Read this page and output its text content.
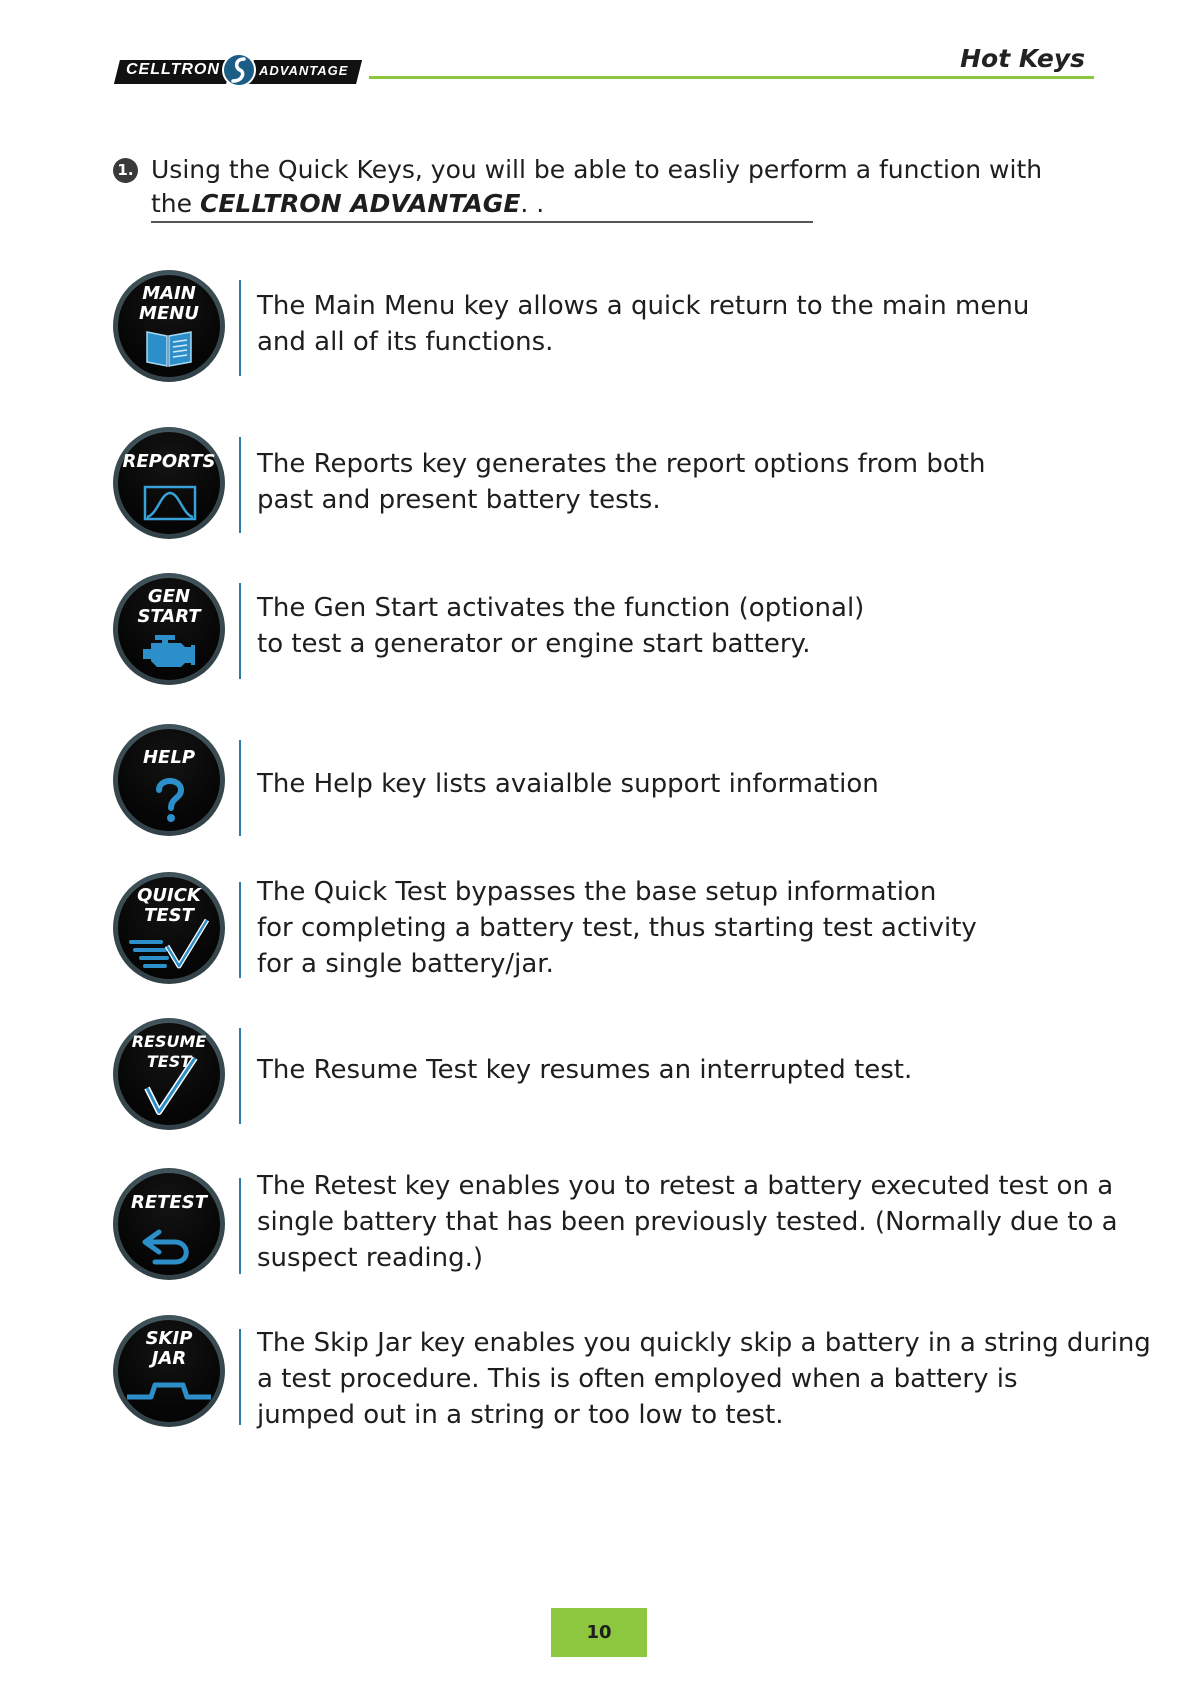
CELLTRON	ADVANTAGE	Hot Keys
1. Using the Quick Keys, you will be able to easliy perform a function with
the CELLTRON ADVANTAGE. .
MAIN
MENU	The Main Menu key allows a quick return to the main menu
and all of its functions.
REPORTS	The Reports key generates the report options from both
past and present battery tests.
GEN
START	The Gen Start activates the function (optional)
to test a generator or engine start battery.
HELP
The Help key lists avaialble support information
QUICK
TEST
The Quick Test bypasses the base setup information
for completing a battery test, thus starting test activity
for a single battery/jar.
RESUME
TEST	The Resume Test key resumes an interrupted test.
RETEST
The Retest key enables you to retest a battery executed test on a
single battery that has been previously tested. (Normally due to a
suspect reading.)
SKIP
JAR
The Skip Jar key enables you quickly skip a battery in a string during
a test procedure. This is often employed when a battery is
jumped out in a string or too low to test.
10
